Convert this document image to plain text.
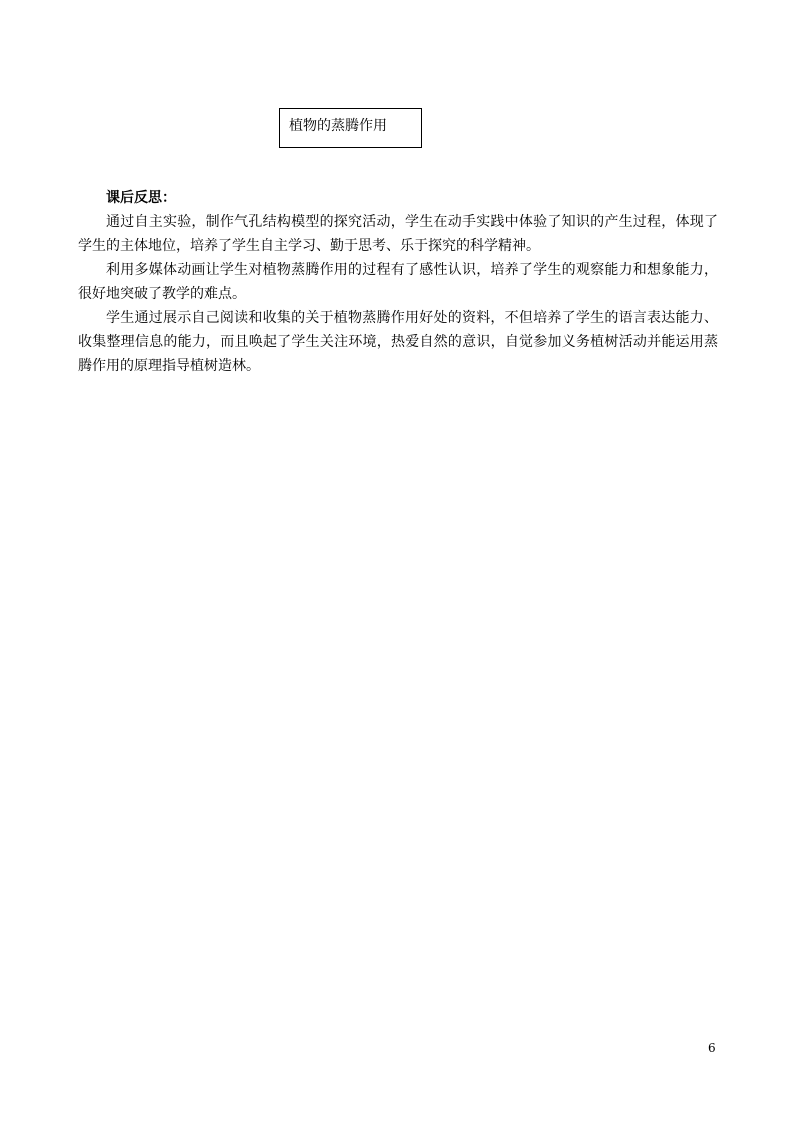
植物的蒸腾作用

课后反思：

通过自主实验，制作气孔结构模型的探究活动，学生在动手实践中体验了知识的产生过程，体现了学生的主体地位，培养了学生自主学习、勤于思考、乐于探究的科学精神。

利用多媒体动画让学生对植物蒸腾作用的过程有了感性认识，培养了学生的观察能力和想象能力，很好地突破了教学的难点。

学生通过展示自己阅读和收集的关于植物蒸腾作用好处的资料，不但培养了学生的语言表达能力、收集整理信息的能力，而且唤起了学生关注环境，热爱自然的意识，自觉参加义务植树活动并能运用蒸腾作用的原理指导植树造林。

6
